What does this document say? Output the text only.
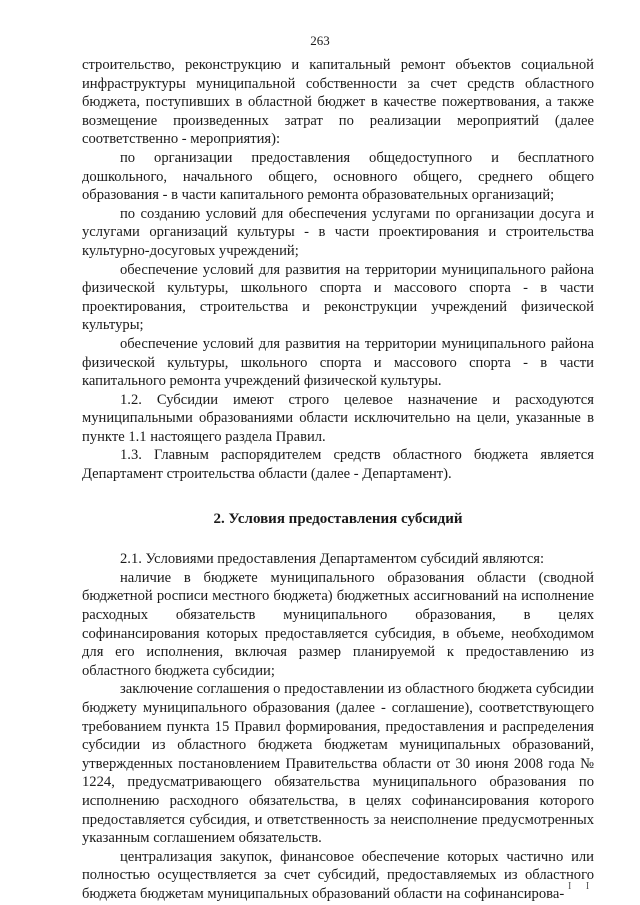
263

строительство, реконструкцию и капитальный ремонт объектов социальной инфраструктуры муниципальной собственности за счет средств областного бюджета, поступивших в областной бюджет в качестве пожертвования, а также возмещение произведенных затрат по реализации мероприятий (далее соответственно - мероприятия):

по организации предоставления общедоступного и бесплатного дошкольного, начального общего, основного общего, среднего общего образования - в части капитального ремонта образовательных организаций;

по созданию условий для обеспечения услугами по организации досуга и услугами организаций культуры - в части проектирования и строительства культурно-досуговых учреждений;

обеспечение условий для развития на территории муниципального района физической культуры, школьного спорта и массового спорта - в части проектирования, строительства и реконструкции учреждений физической культуры;

обеспечение условий для развития на территории муниципального района физической культуры, школьного спорта и массового спорта - в части капитального ремонта учреждений физической культуры.

1.2. Субсидии имеют строго целевое назначение и расходуются муниципальными образованиями области исключительно на цели, указанные в пункте 1.1 настоящего раздела Правил.

1.3. Главным распорядителем средств областного бюджета является Департамент строительства области (далее - Департамент).

2. Условия предоставления субсидий

2.1. Условиями предоставления Департаментом субсидий являются:

наличие в бюджете муниципального образования области (сводной бюджетной росписи местного бюджета) бюджетных ассигнований на исполнение расходных обязательств муниципального образования, в целях софинансирования которых предоставляется субсидия, в объеме, необходимом для его исполнения, включая размер планируемой к предоставлению из областного бюджета субсидии;

заключение соглашения о предоставлении из областного бюджета субсидии бюджету муниципального образования (далее - соглашение), соответствующего требованием пункта 15 Правил формирования, предоставления и распределения субсидии из областного бюджета бюджетам муниципальных образований, утвержденных постановлением Правительства области от 30 июня 2008 года № 1224, предусматривающего обязательства муниципального образования по исполнению расходного обязательства, в целях софинансирования которого предоставляется субсидия, и ответственность за неисполнение предусмотренных указанным соглашением обязательств.

централизация закупок, финансовое обеспечение которых частично или полностью осуществляется за счет субсидий, предоставляемых из областного бюджета бюджетам муниципальных образований области на софинансирова- I I
